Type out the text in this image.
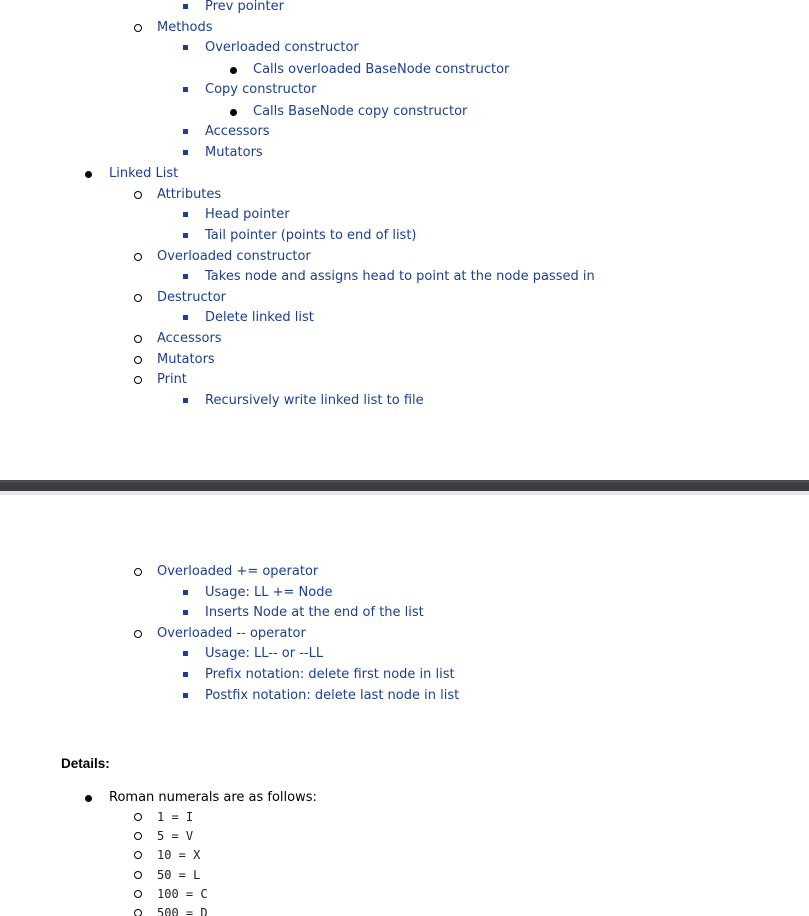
Prev pointer
Methods
Overloaded constructor
Calls overloaded BaseNode constructor
Copy constructor
Calls BaseNode copy constructor
Accessors
Mutators
Linked List
Attributes
Head pointer
Tail pointer (points to end of list)
Overloaded constructor
Takes node and assigns head to point at the node passed in
Destructor
Delete linked list
Accessors
Mutators
Print
Recursively write linked list to file
Overloaded += operator
Usage: LL += Node
Inserts Node at the end of the list
Overloaded -- operator
Usage: LL-- or --LL
Prefix notation: delete first node in list
Postfix notation: delete last node in list
Details:
Roman numerals are as follows:
1 = I
5 = V
10 = X
50 = L
100 = C
500 = D
